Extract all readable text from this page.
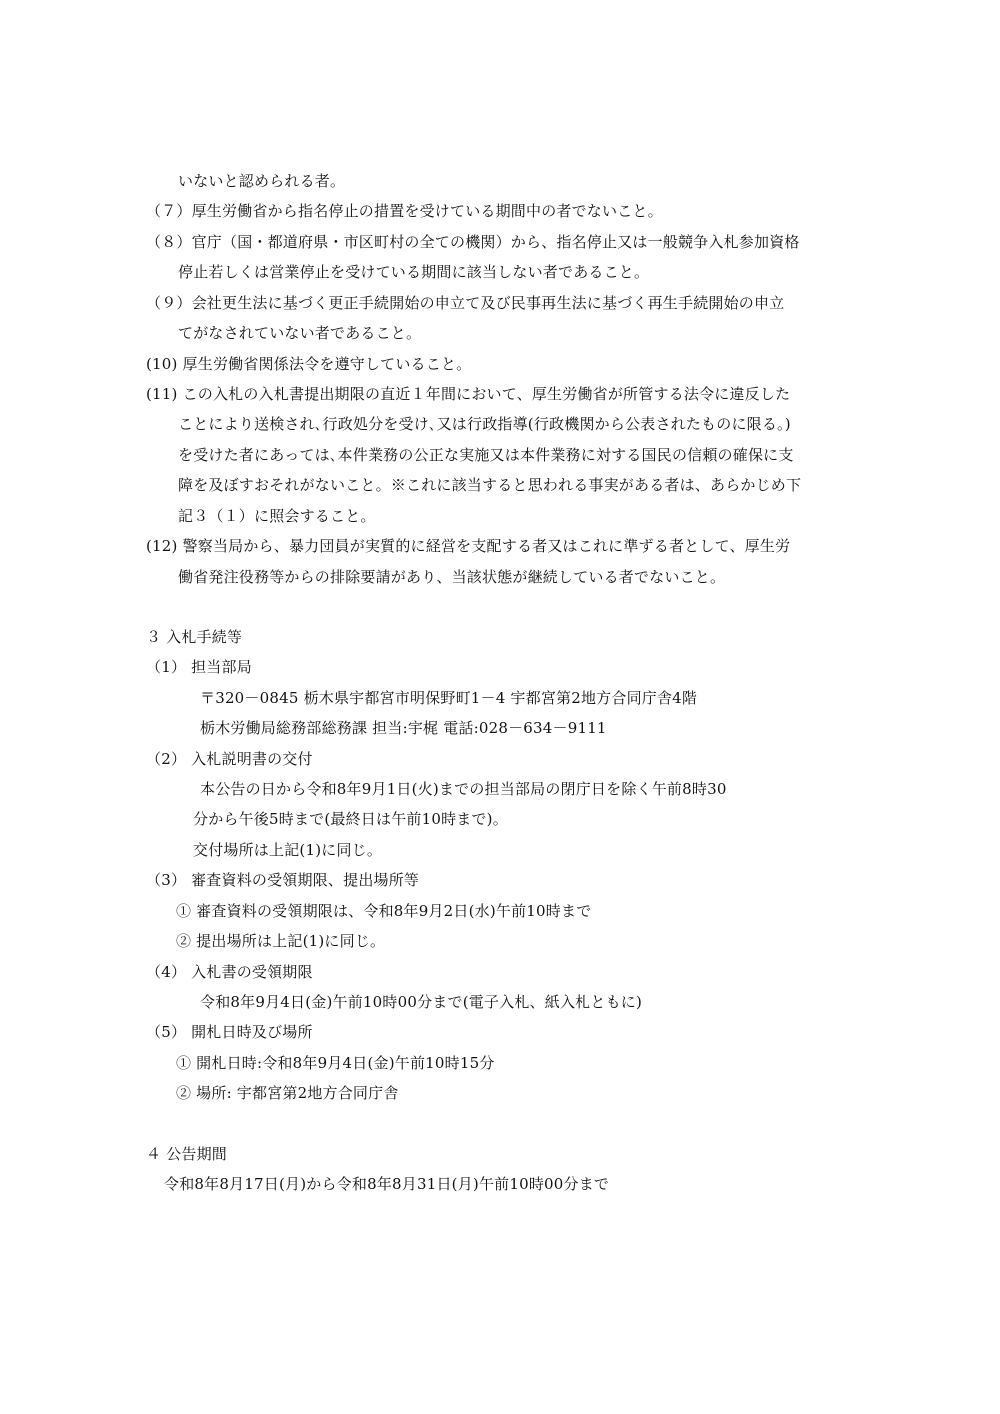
いないと認められる者。
（７）厚生労働省から指名停止の措置を受けている期間中の者でないこと。
（８）官庁（国・都道府県・市区町村の全ての機関）から、指名停止又は一般競争入札参加資格
停止若しくは営業停止を受けている期間に該当しない者であること。
（９）会社更生法に基づく更正手続開始の申立て及び民事再生法に基づく再生手続開始の申立
てがなされていない者であること。
(10) 厚生労働省関係法令を遵守していること。
(11) この入札の入札書提出期限の直近１年間において、厚生労働省が所管する法令に違反した
ことにより送検され､行政処分を受け､又は行政指導(行政機関から公表されたものに限る。)
を受けた者にあっては､本件業務の公正な実施又は本件業務に対する国民の信頼の確保に支
障を及ぼすおそれがないこと。※これに該当すると思われる事実がある者は、あらかじめ下
記３（１）に照会すること。
(12) 警察当局から、暴力団員が実質的に経営を支配する者又はこれに準ずる者として、厚生労
働省発注役務等からの排除要請があり、当該状態が継続している者でないこと。
３ 入札手続等
（1） 担当部局
〒320－0845 栃木県宇都宮市明保野町1－4 宇都宮第2地方合同庁舎4階
栃木労働局総務部総務課 担当:宇梶 電話:028－634－9111
（2） 入札説明書の交付
本公告の日から令和8年9月1日(火)までの担当部局の閉庁日を除く午前8時30
分から午後5時まで(最終日は午前10時まで)。
交付場所は上記(1)に同じ。
（3） 審査資料の受領期限、提出場所等
① 審査資料の受領期限は、令和8年9月2日(水)午前10時まで
② 提出場所は上記(1)に同じ。
（4） 入札書の受領期限
令和8年9月4日(金)午前10時00分まで(電子入札、紙入札ともに)
（5） 開札日時及び場所
① 開札日時:令和8年9月4日(金)午前10時15分
② 場所: 宇都宮第2地方合同庁舎
４ 公告期間
令和8年8月17日(月)から令和8年8月31日(月)午前10時00分まで
